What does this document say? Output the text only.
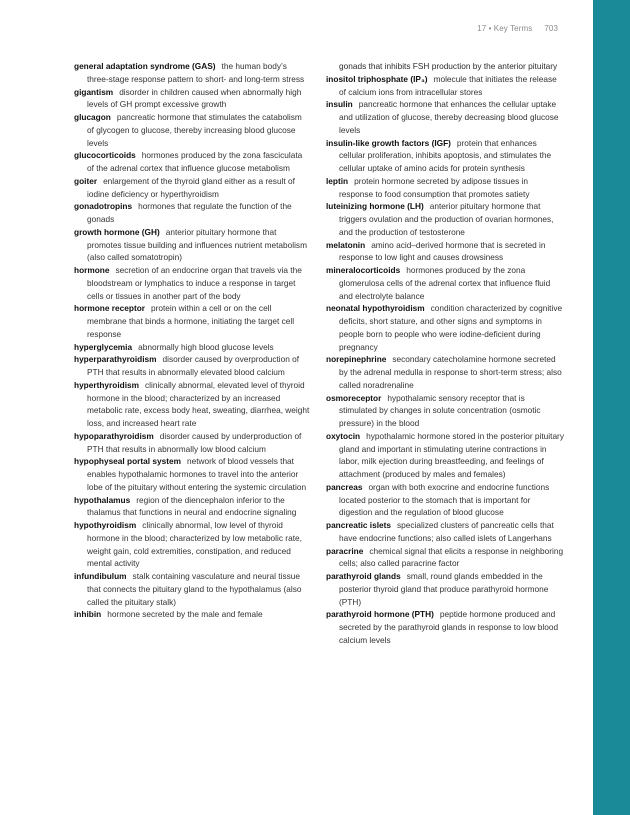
17 • Key Terms 703

general adaptation syndrome (GAS) the human body’s three-stage response pattern to short- and long-term stress

gigantism disorder in children caused when abnormally high levels of GH prompt excessive growth

glucagon pancreatic hormone that stimulates the catabolism of glycogen to glucose, thereby increasing blood glucose levels

glucocorticoids hormones produced by the zona fasciculata of the adrenal cortex that influence glucose metabolism

goiter enlargement of the thyroid gland either as a result of iodine deficiency or hyperthyroidism

gonadotropins hormones that regulate the function of the gonads

growth hormone (GH) anterior pituitary hormone that promotes tissue building and influences nutrient metabolism (also called somatotropin)

hormone secretion of an endocrine organ that travels via the bloodstream or lymphatics to induce a response in target cells or tissues in another part of the body

hormone receptor protein within a cell or on the cell membrane that binds a hormone, initiating the target cell response

hyperglycemia abnormally high blood glucose levels

hyperparathyroidism disorder caused by overproduction of PTH that results in abnormally elevated blood calcium

hyperthyroidism clinically abnormal, elevated level of thyroid hormone in the blood; characterized by an increased metabolic rate, excess body heat, sweating, diarrhea, weight loss, and increased heart rate

hypoparathyroidism disorder caused by underproduction of PTH that results in abnormally low blood calcium

hypophyseal portal system network of blood vessels that enables hypothalamic hormones to travel into the anterior lobe of the pituitary without entering the systemic circulation

hypothalamus region of the diencephalon inferior to the thalamus that functions in neural and endocrine signaling

hypothyroidism clinically abnormal, low level of thyroid hormone in the blood; characterized by low metabolic rate, weight gain, cold extremities, constipation, and reduced mental activity

infundibulum stalk containing vasculature and neural tissue that connects the pituitary gland to the hypothalamus (also called the pituitary stalk)

inhibin hormone secreted by the male and female

gonads that inhibits FSH production by the anterior pituitary

inositol triphosphate (IP₃) molecule that initiates the release of calcium ions from intracellular stores

insulin pancreatic hormone that enhances the cellular uptake and utilization of glucose, thereby decreasing blood glucose levels

insulin-like growth factors (IGF) protein that enhances cellular proliferation, inhibits apoptosis, and stimulates the cellular uptake of amino acids for protein synthesis

leptin protein hormone secreted by adipose tissues in response to food consumption that promotes satiety

luteinizing hormone (LH) anterior pituitary hormone that triggers ovulation and the production of ovarian hormones, and the production of testosterone

melatonin amino acid–derived hormone that is secreted in response to low light and causes drowsiness

mineralocorticoids hormones produced by the zona glomerulosa cells of the adrenal cortex that influence fluid and electrolyte balance

neonatal hypothyroidism condition characterized by cognitive deficits, short stature, and other signs and symptoms in people born to people who were iodine-deficient during pregnancy

norepinephrine secondary catecholamine hormone secreted by the adrenal medulla in response to short-term stress; also called noradrenaline

osmoreceptor hypothalamic sensory receptor that is stimulated by changes in solute concentration (osmotic pressure) in the blood

oxytocin hypothalamic hormone stored in the posterior pituitary gland and important in stimulating uterine contractions in labor, milk ejection during breastfeeding, and feelings of attachment (produced by males and females)

pancreas organ with both exocrine and endocrine functions located posterior to the stomach that is important for digestion and the regulation of blood glucose

pancreatic islets specialized clusters of pancreatic cells that have endocrine functions; also called islets of Langerhans

paracrine chemical signal that elicits a response in neighboring cells; also called paracrine factor

parathyroid glands small, round glands embedded in the posterior thyroid gland that produce parathyroid hormone (PTH)

parathyroid hormone (PTH) peptide hormone produced and secreted by the parathyroid glands in response to low blood calcium levels
